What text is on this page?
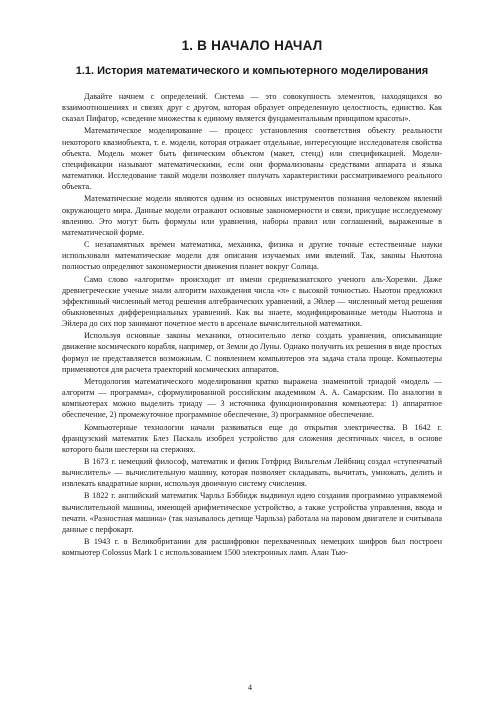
1. В НАЧАЛО НАЧАЛ
1.1. История математического и компьютерного моделирования

Давайте начнем с определений. Система — это совокупность элементов, находящихся во взаимоотношениях и связях друг с другом, которая образует определенную целостность, единство. Как сказал Пифагор, «сведение множества к единому является фундаментальным принципом красоты».

Математическое моделирование — процесс установления соответствия объекту реальности некоторого квазиобъекта, т. е. модели, которая отражает отдельные, интересующие исследователя свойства объекта. Модель может быть физическим объектом (макет, стенд) или спецификацией. Модели-спецификации называют математическими, если они формализованы средствами аппарата и языка математики. Исследование такой модели позволяет получать характеристики рассматриваемого реального объекта.

Математические модели являются одним из основных инструментов познания человеком явлений окружающего мира. Данные модели отражают основные закономерности и связи, присущие исследуемому явлению. Это могут быть формулы или уравнения, наборы правил или соглашений, выраженные в математической форме.

С незапамятных времен математика, механика, физика и другие точные естественные науки использовали математические модели для описания изучаемых ими явлений. Так, законы Ньютона полностью определяют закономерности движения планет вокруг Солнца.

Само слово «алгоритм» происходит от имени средневазиатского ученого аль-Хорезми. Даже древнегреческие ученые знали алгоритм нахождения числа «π» с высокой точностью. Ньютон предложил эффективный численный метод решения алгебраических уравнений, а Эйлер — численный метод решения обыкновенных дифференциальных уравнений. Как вы знаете, модифицированные методы Ньютона и Эйлера до сих пор занимают почетное место в арсенале вычислительной математики.

Используя основные законы механики, относительно легко создать уравнения, описывающие движение космического корабля, например, от Земли до Луны. Однако получить их решения в виде простых формул не представляется возможным. С появлением компьютеров эта задача стала проще. Компьютеры применяются для расчета траекторий космических аппаратов.

Методология математического моделирования кратко выражена знаменитой триадой «модель — алгоритм — программа», сформулированной российским академиком А. А. Самарским. По аналогии в компьютерах можно выделить триаду — 3 источника функционирования компьютера: 1) аппаратное обеспечение, 2) промежуточное программное обеспечение, 3) программное обеспечение.

Компьютерные технологии начали развиваться еще до открытия электричества. В 1642 г. французский математик Блез Паскаль изобрел устройство для сложения десятичных чисел, в основе которого были шестерни на стержнях.

В 1673 г. немецкий философ, математик и физик Готфрид Вильгельм Лейбниц создал «ступенчатый вычислитель» — вычислительную машину, которая позволяет складывать, вычитать, умножать, делить и извлекать квадратные корни, используя двоичную систему счисления.

В 1822 г. английский математик Чарльз Бэббидж выдвинул идею создания программно управляемой вычислительной машины, имеющей арифметическое устройство, а также устройства управления, ввода и печати. «Разностная машина» (так называлось детище Чарльза) работала на паровом двигателе и считывала данные с перфокарт.

В 1943 г. в Великобритании для расшифровки перехваченных немецких шифров был построен компьютер Colossus Mark 1 с использованием 1500 электронных ламп. Алан Тью-

4
